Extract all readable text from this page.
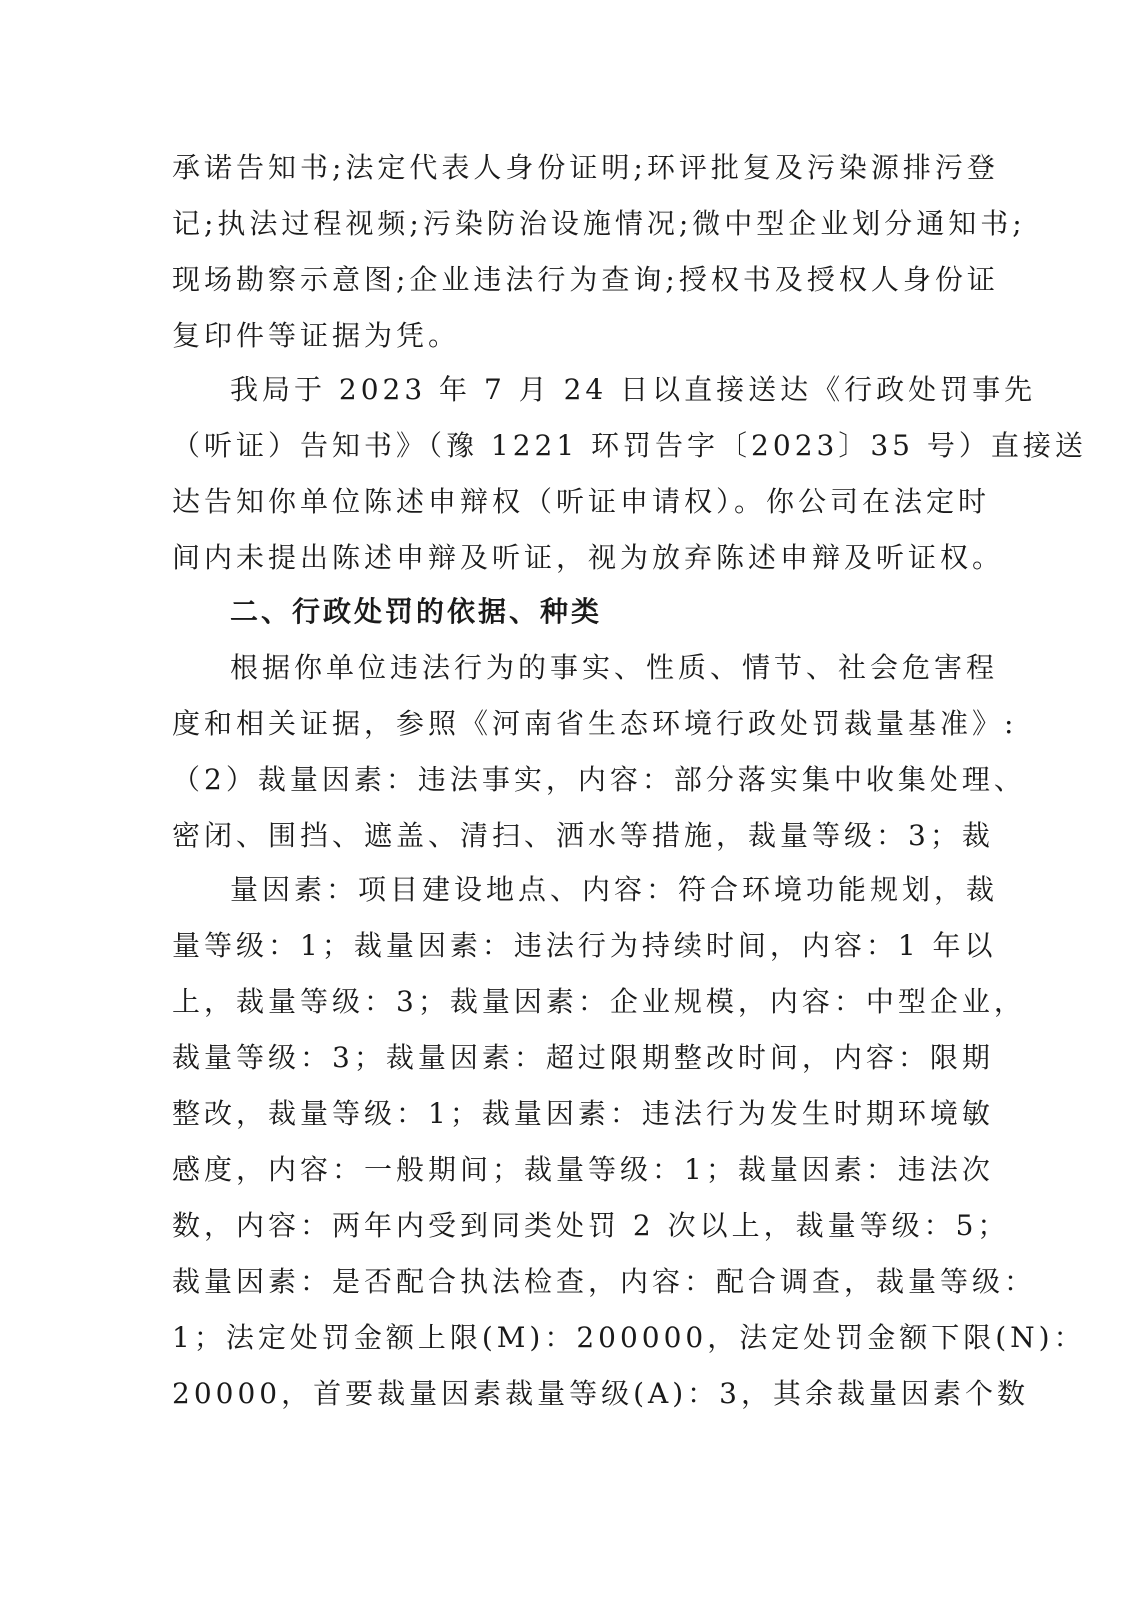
承诺告知书;法定代表人身份证明;环评批复及污染源排污登
记;执法过程视频;污染防治设施情况;微中型企业划分通知书;
现场勘察示意图;企业违法行为查询;授权书及授权人身份证
复印件等证据为凭。
我局于 2023 年 7 月 24 日以直接送达《行政处罚事先
（听证）告知书》（豫 1221 环罚告字〔2023〕35 号）直接送
达告知你单位陈述申辩权（听证申请权）。你公司在法定时
间内未提出陈述申辩及听证，视为放弃陈述申辩及听证权。
二、行政处罚的依据、种类
根据你单位违法行为的事实、性质、情节、社会危害程
度和相关证据，参照《河南省生态环境行政处罚裁量基准》:
（2）裁量因素：违法事实，内容：部分落实集中收集处理、
密闭、围挡、遮盖、清扫、洒水等措施，裁量等级：3；裁
量因素：项目建设地点、内容：符合环境功能规划，裁
量等级：1；裁量因素：违法行为持续时间，内容：1 年以
上，裁量等级：3；裁量因素：企业规模，内容：中型企业，
裁量等级：3；裁量因素：超过限期整改时间，内容：限期
整改，裁量等级：1；裁量因素：违法行为发生时期环境敏
感度，内容：一般期间；裁量等级：1；裁量因素：违法次
数，内容：两年内受到同类处罚 2 次以上，裁量等级：5；
裁量因素：是否配合执法检查，内容：配合调查，裁量等级：
1；法定处罚金额上限(M)：200000，法定处罚金额下限(N)：
20000，首要裁量因素裁量等级(A)：3，其余裁量因素个数
